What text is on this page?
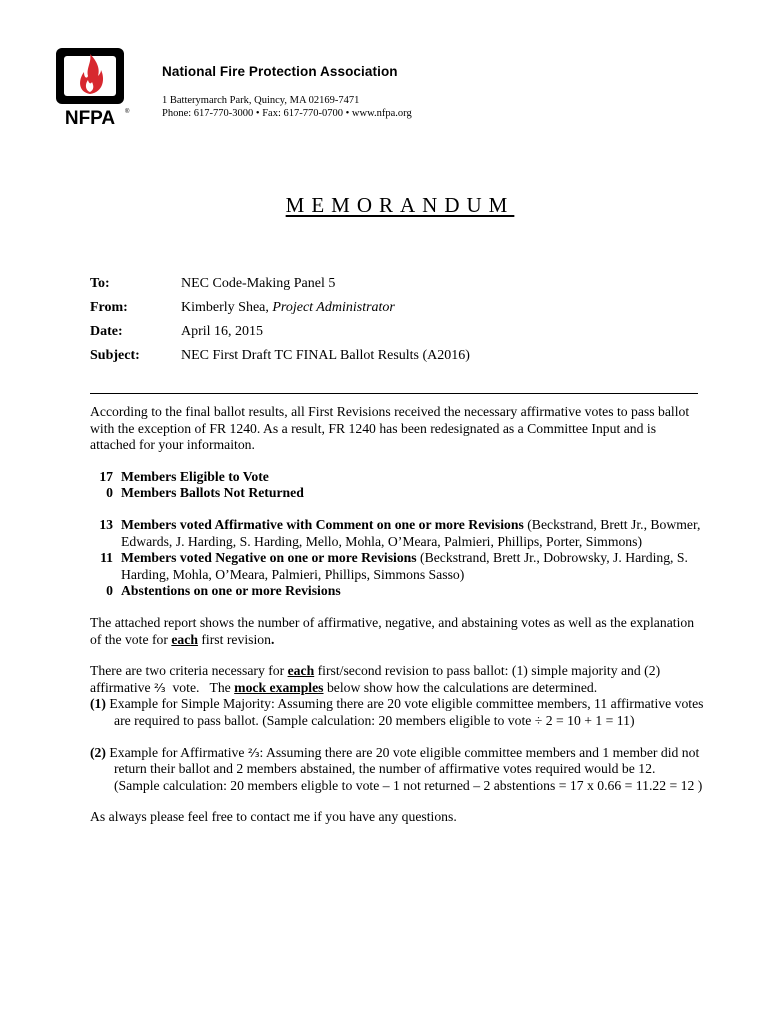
NFPA ®
National Fire Protection Association
1 Batterymarch Park, Quincy, MA 02169-7471
Phone: 617-770-3000 • Fax: 617-770-0700 • www.nfpa.org
MEMORANDUM
To:	NEC Code-Making Panel 5
From:	Kimberly Shea, Project Administrator
Date:	April 16, 2015
Subject:	NEC First Draft TC FINAL Ballot Results (A2016)

According to the final ballot results, all First Revisions received the necessary affirmative votes to pass ballot with the exception of FR 1240. As a result, FR 1240 has been redesignated as a Committee Input and is attached for your informaiton.

17 Members Eligible to Vote
0 Members Ballots Not Returned
13 Members voted Affirmative with Comment on one or more Revisions (Beckstrand, Brett Jr., Bowmer, Edwards, J. Harding, S. Harding, Mello, Mohla, O’Meara, Palmieri, Phillips, Porter, Simmons)
11 Members voted Negative on one or more Revisions (Beckstrand, Brett Jr., Dobrowsky, J. Harding, S. Harding, Mohla, O’Meara, Palmieri, Phillips, Simmons Sasso)
0 Abstentions on one or more Revisions

The attached report shows the number of affirmative, negative, and abstaining votes as well as the explanation of the vote for each first revision.

There are two criteria necessary for each first/second revision to pass ballot: (1) simple majority and (2) affirmative ²⁄₃  vote.   The mock examples below show how the calculations are determined.

(1) Example for Simple Majority: Assuming there are 20 vote eligible committee members, 11 affirmative votes are required to pass ballot. (Sample calculation: 20 members eligible to vote ÷ 2 = 10 + 1 = 11)

(2) Example for Affirmative ²⁄₃: Assuming there are 20 vote eligible committee members and 1 member did not return their ballot and 2 members abstained, the number of affirmative votes required would be 12. (Sample calculation: 20 members eligble to vote – 1 not returned – 2 abstentions = 17 x 0.66 = 11.22 = 12 )

As always please feel free to contact me if you have any questions.
